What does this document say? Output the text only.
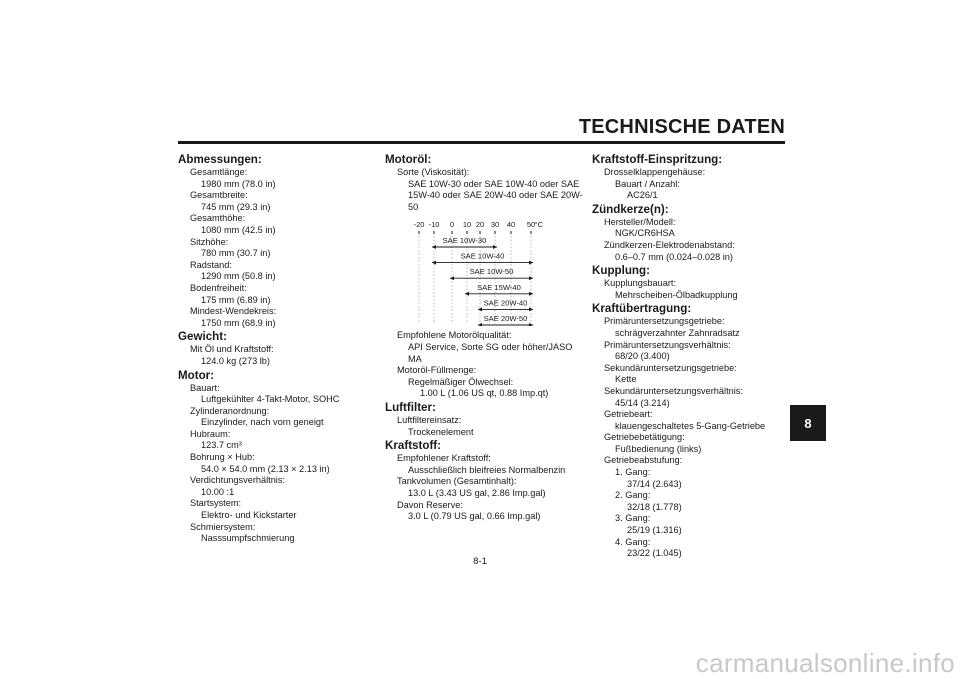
TECHNISCHE DATEN
Abmessungen:
Gesamtlänge:
1980 mm (78.0 in)
Gesamtbreite:
745 mm (29.3 in)
Gesamthöhe:
1080 mm (42.5 in)
Sitzhöhe:
780 mm (30.7 in)
Radstand:
1290 mm (50.8 in)
Bodenfreiheit:
175 mm (6.89 in)
Mindest-Wendekreis:
1750 mm (68.9 in)
Gewicht:
Mit Öl und Kraftstoff:
124.0 kg (273 lb)
Motor:
Bauart:
Luftgekühlter 4-Takt-Motor, SOHC
Zylinderanordnung:
Einzylinder, nach vorn geneigt
Hubraum:
123.7 cm³
Bohrung × Hub:
54.0 × 54.0 mm (2.13 × 2.13 in)
Verdichtungsverhältnis:
10.00 :1
Startsystem:
Elektro- und Kickstarter
Schmiersystem:
Nasssumpfschmierung
Motoröl:
Sorte (Viskosität):
SAE 10W-30 oder SAE 10W-40 oder SAE
15W-40 oder SAE 20W-40 oder SAE 20W-
50
-20 -10 0 10 20 30 40 50 °C
SAE 10W-30
SAE 10W-40
SAE 10W-50
SAE 15W-40
SAE 20W-40
SAE 20W-50
Empfohlene Motorölqualität:
API Service, Sorte SG oder höher/JASO
MA
Motoröl-Füllmenge:
Regelmäßiger Ölwechsel:
1.00 L (1.06 US qt, 0.88 Imp.qt)
Luftfilter:
Luftfiltereinsatz:
Trockenelement
Kraftstoff:
Empfohlener Kraftstoff:
Ausschließlich bleifreies Normalbenzin
Tankvolumen (Gesamtinhalt):
13.0 L (3.43 US gal, 2.86 Imp.gal)
Davon Reserve:
3.0 L (0.79 US gal, 0.66 Imp.gal)
Kraftstoff-Einspritzung:
Drosselklappengehäuse:
Bauart / Anzahl:
AC26/1
Zündkerze(n):
Hersteller/Modell:
NGK/CR6HSA
Zündkerzen-Elektrodenabstand:
0.6–0.7 mm (0.024–0.028 in)
Kupplung:
Kupplungsbauart:
Mehrscheiben-Ölbadkupplung
Kraftübertragung:
Primäruntersetzungsgetriebe:
schrägverzahnter Zahnradsatz
Primäruntersetzungsverhältnis:
68/20 (3.400)
Sekundäruntersetzungsgetriebe:
Kette
Sekundäruntersetzungsverhältnis:
45/14 (3.214)
Getriebeart:
klauengeschaltetes 5-Gang-Getriebe
Getriebebetätigung:
Fußbedienung (links)
Getriebeabstufung:
1. Gang:
37/14 (2.643)
2. Gang:
32/18 (1.778)
3. Gang:
25/19 (1.316)
4. Gang:
23/22 (1.045)
8
8-1
carmanualsonline.info
